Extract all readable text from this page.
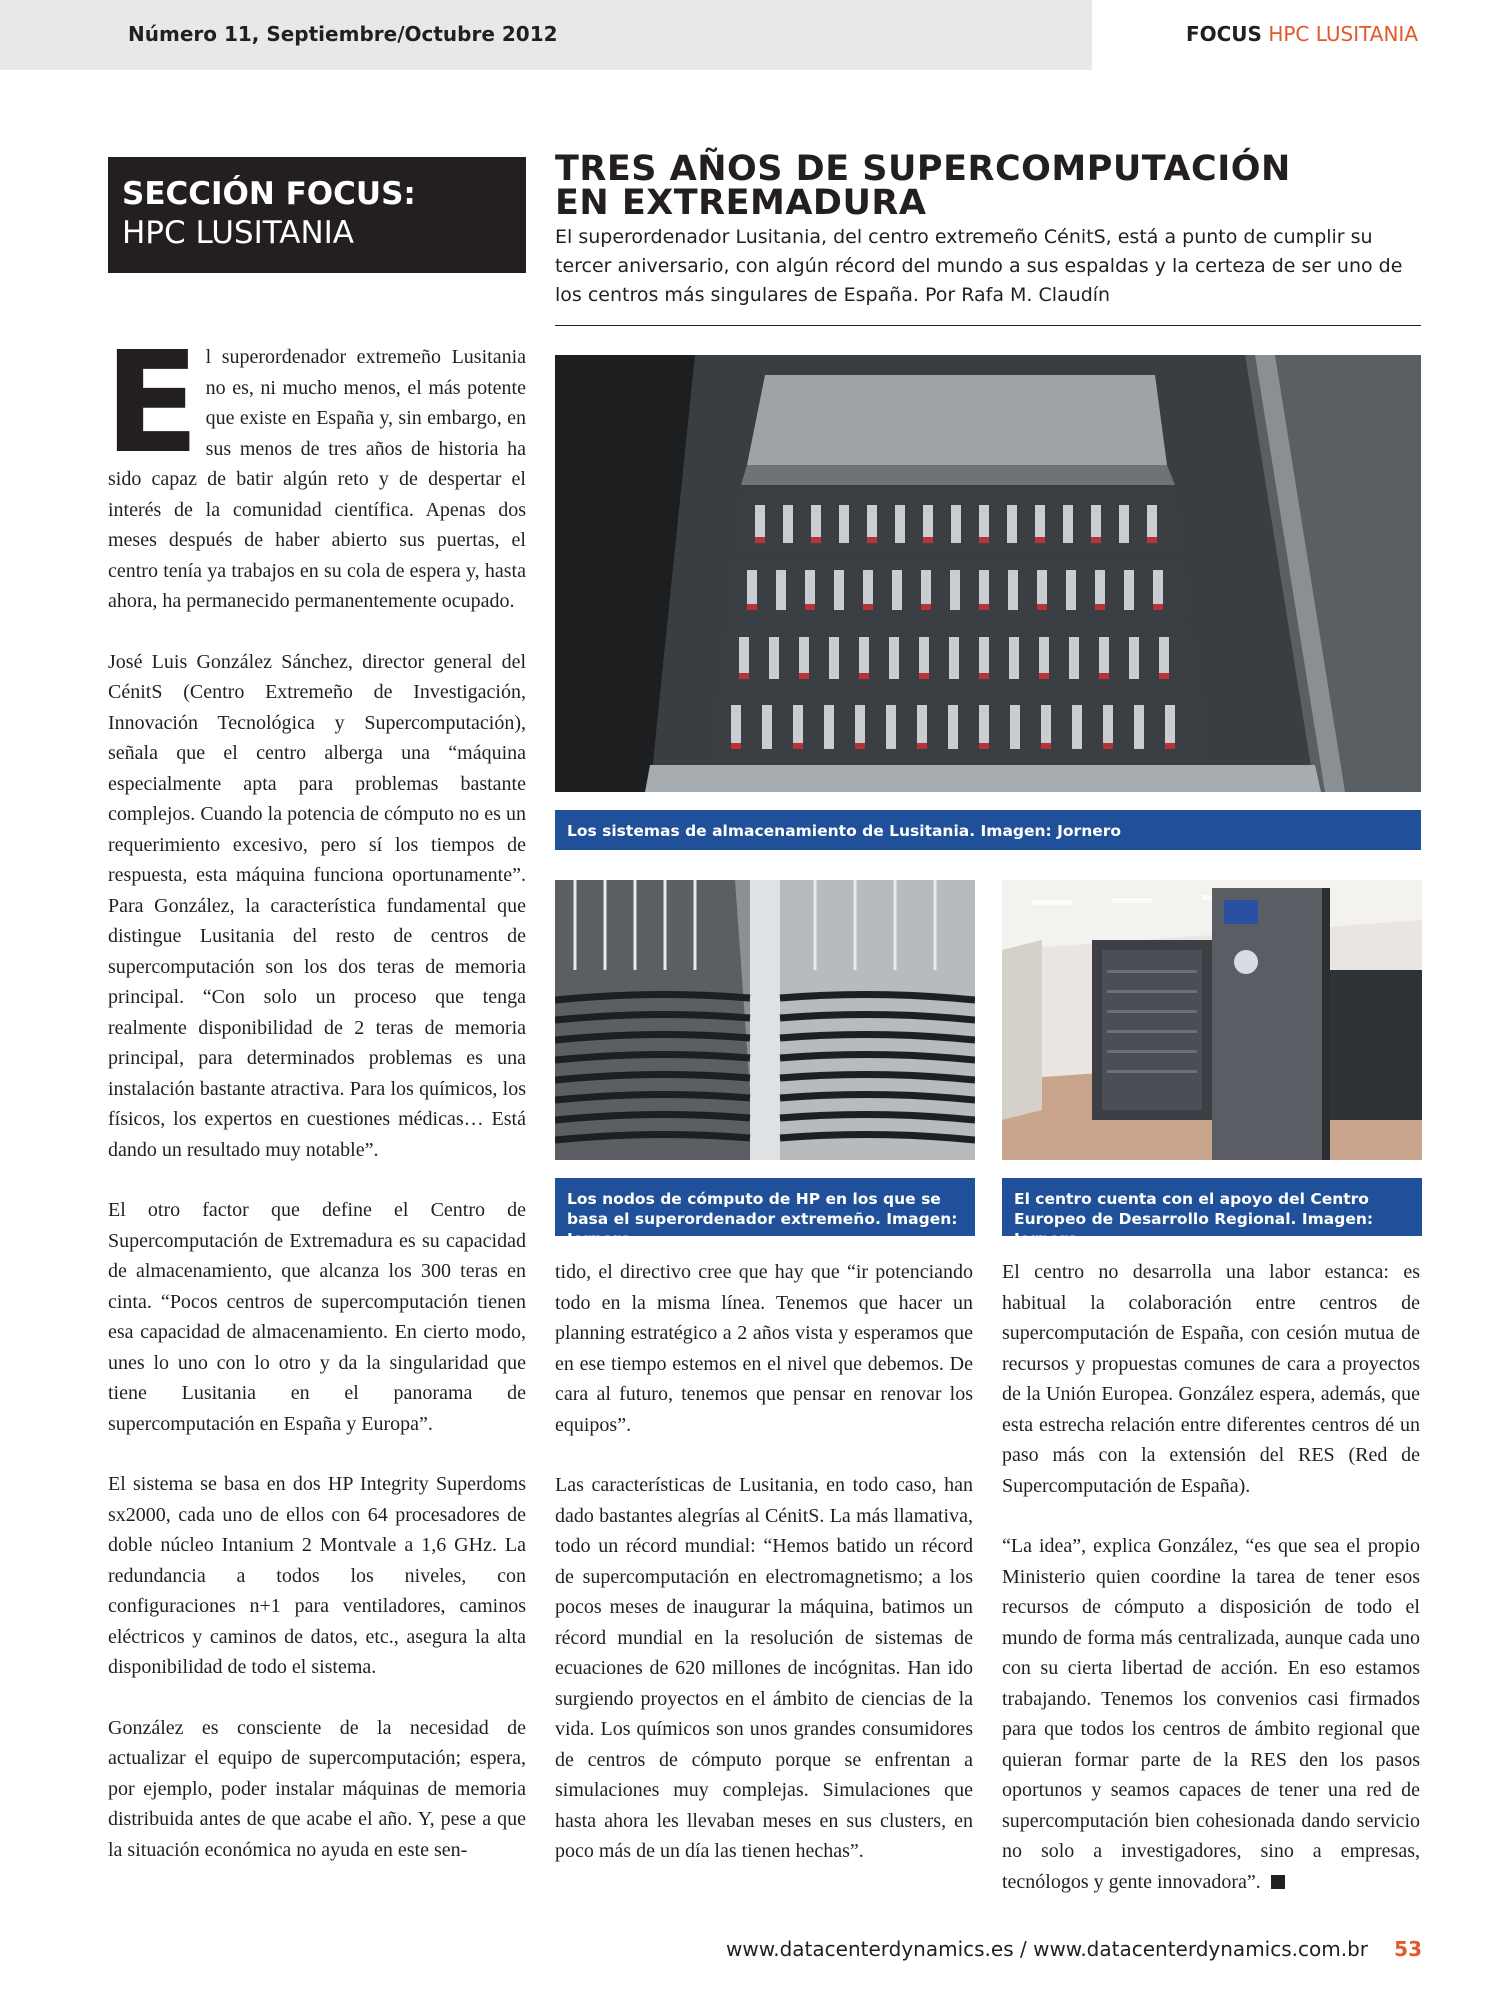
Número 11, Septiembre/Octubre 2012	FOCUS HPC LUSITANIA
SECCIÓN FOCUS:
HPC LUSITANIA
TRES AÑOS DE SUPERCOMPUTACIÓN
EN EXTREMADURA
El superordenador Lusitania, del centro extremeño CénitS, está a punto de cumplir su tercer aniversario, con algún récord del mundo a sus espaldas y la certeza de ser uno de los centros más singulares de España. Por Rafa M. Claudín

El superordenador extremeño Lusitania no es, ni mucho menos, el más potente que existe en España y, sin embargo, en sus menos de tres años de historia ha sido capaz de batir algún reto y de despertar el interés de la comunidad científica. Apenas dos meses después de haber abierto sus puertas, el centro tenía ya trabajos en su cola de espera y, hasta ahora, ha permanecido permanentemente ocupado.

José Luis González Sánchez, director general del CénitS (Centro Extremeño de Investigación, Innovación Tecnológica y Supercomputación), señala que el centro alberga una “máquina especialmente apta para problemas bastante complejos. Cuando la potencia de cómputo no es un requerimiento excesivo, pero sí los tiempos de respuesta, esta máquina funciona oportunamente”. Para González, la característica fundamental que distingue Lusitania del resto de centros de supercomputación son los dos teras de memoria principal. “Con solo un proceso que tenga realmente disponibilidad de 2 teras de memoria principal, para determinados problemas es una instalación bastante atractiva. Para los químicos, los físicos, los expertos en cuestiones médicas… Está dando un resultado muy notable”.

El otro factor que define el Centro de Supercomputación de Extremadura es su capacidad de almacenamiento, que alcanza los 300 teras en cinta. “Pocos centros de supercomputación tienen esa capacidad de almacenamiento. En cierto modo, unes lo uno con lo otro y da la singularidad que tiene Lusitania en el panorama de supercomputación en España y Europa”.

El sistema se basa en dos HP Integrity Superdoms sx2000, cada uno de ellos con 64 procesadores de doble núcleo Intanium 2 Montvale a 1,6 GHz. La redundancia a todos los niveles, con configuraciones n+1 para ventiladores, caminos eléctricos y caminos de datos, etc., asegura la alta disponibilidad de todo el sistema.

González es consciente de la necesidad de actualizar el equipo de supercomputación; espera, por ejemplo, poder instalar máquinas de memoria distribuida antes de que acabe el año. Y, pese a que la situación económica no ayuda en este sen-

Los sistemas de almacenamiento de Lusitania. Imagen: Jornero
Los nodos de cómputo de HP en los que se basa el superordenador extremeño. Imagen: Jornero
El centro cuenta con el apoyo del Centro Europeo de Desarrollo Regional. Imagen: Jornero

tido, el directivo cree que hay que “ir potenciando todo en la misma línea. Tenemos que hacer un planning estratégico a 2 años vista y esperamos que en ese tiempo estemos en el nivel que debemos. De cara al futuro, tenemos que pensar en renovar los equipos”.

Las características de Lusitania, en todo caso, han dado bastantes alegrías al CénitS. La más llamativa, todo un récord mundial: “Hemos batido un récord de supercomputación en electromagnetismo; a los pocos meses de inaugurar la máquina, batimos un récord mundial en la resolución de sistemas de ecuaciones de 620 millones de incógnitas. Han ido surgiendo proyectos en el ámbito de ciencias de la vida. Los químicos son unos grandes consumidores de centros de cómputo porque se enfrentan a simulaciones muy complejas. Simulaciones que hasta ahora les llevaban meses en sus clusters, en poco más de un día las tienen hechas”.

El centro no desarrolla una labor estanca: es habitual la colaboración entre centros de supercomputación de España, con cesión mutua de recursos y propuestas comunes de cara a proyectos de la Unión Europea. González espera, además, que esta estrecha relación entre diferentes centros dé un paso más con la extensión del RES (Red de Supercomputación de España).

“La idea”, explica González, “es que sea el propio Ministerio quien coordine la tarea de tener esos recursos de cómputo a disposición de todo el mundo de forma más centralizada, aunque cada uno con su cierta libertad de acción. En eso estamos trabajando. Tenemos los convenios casi firmados para que todos los centros de ámbito regional que quieran formar parte de la RES den los pasos oportunos y seamos capaces de tener una red de supercomputación bien cohesionada dando servicio no solo a investigadores, sino a empresas, tecnólogos y gente innovadora”.

www.datacenterdynamics.es / www.datacenterdynamics.com.br 53
